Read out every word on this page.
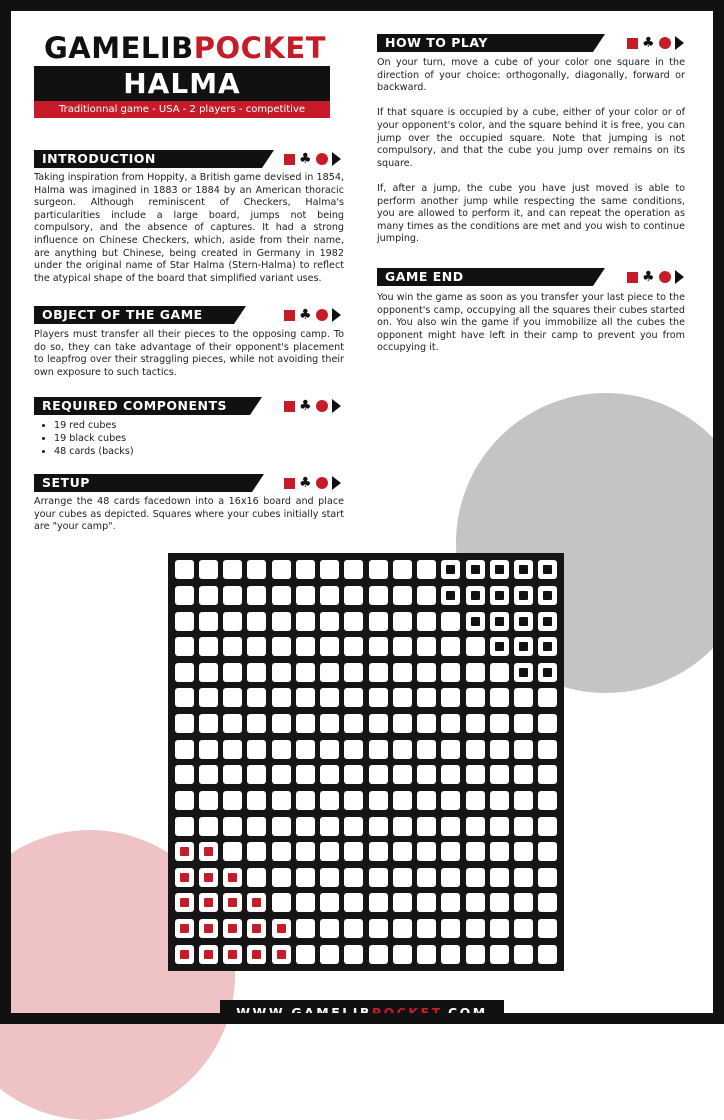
GAMELIBPOCKET
HALMA
Traditionnal game - USA - 2 players - competitive
INTRODUCTION	♣
Taking inspiration from Hoppity, a British game devised in 1854, Halma was imagined in 1883 or 1884 by an American thoracic surgeon. Although reminiscent of Checkers, Halma's particularities include a large board, jumps not being compulsory, and the absence of captures. It had a strong influence on Chinese Checkers, which, aside from their name, are anything but Chinese, being created in Germany in 1982 under the original name of Star Halma (Stern-Halma) to reflect the atypical shape of the board that simplified variant uses.
OBJECT OF THE GAME	♣
Players must transfer all their pieces to the opposing camp. To do so, they can take advantage of their opponent's placement to leapfrog over their straggling pieces, while not avoiding their own exposure to such tactics.
REQUIRED COMPONENTS	♣
• 19 red cubes
• 19 black cubes
• 48 cards (backs)
SETUP	♣
Arrange the 48 cards facedown into a 16x16 board and place your cubes as depicted. Squares where your cubes initially start are "your camp".
HOW TO PLAY	♣

On your turn, move a cube of your color one square in the direction of your choice: orthogonally, diagonally, forward or backward.

If that square is occupied by a cube, either of your color or of your opponent's color, and the square behind it is free, you can jump over the occupied square. Note that jumping is not compulsory, and that the cube you jump over remains on its square.

If, after a jump, the cube you have just moved is able to perform another jump while respecting the same conditions, you are allowed to perform it, and can repeat the operation as many times as the conditions are met and you wish to continue jumping.

GAME END	♣
You win the game as soon as you transfer your last piece to the opponent's camp, occupying all the squares their cubes started on. You also win the game if you immobilize all the cubes the opponent might have left in their camp to prevent you from occupying it.
WWW.GAMELIBPOCKET.COM
